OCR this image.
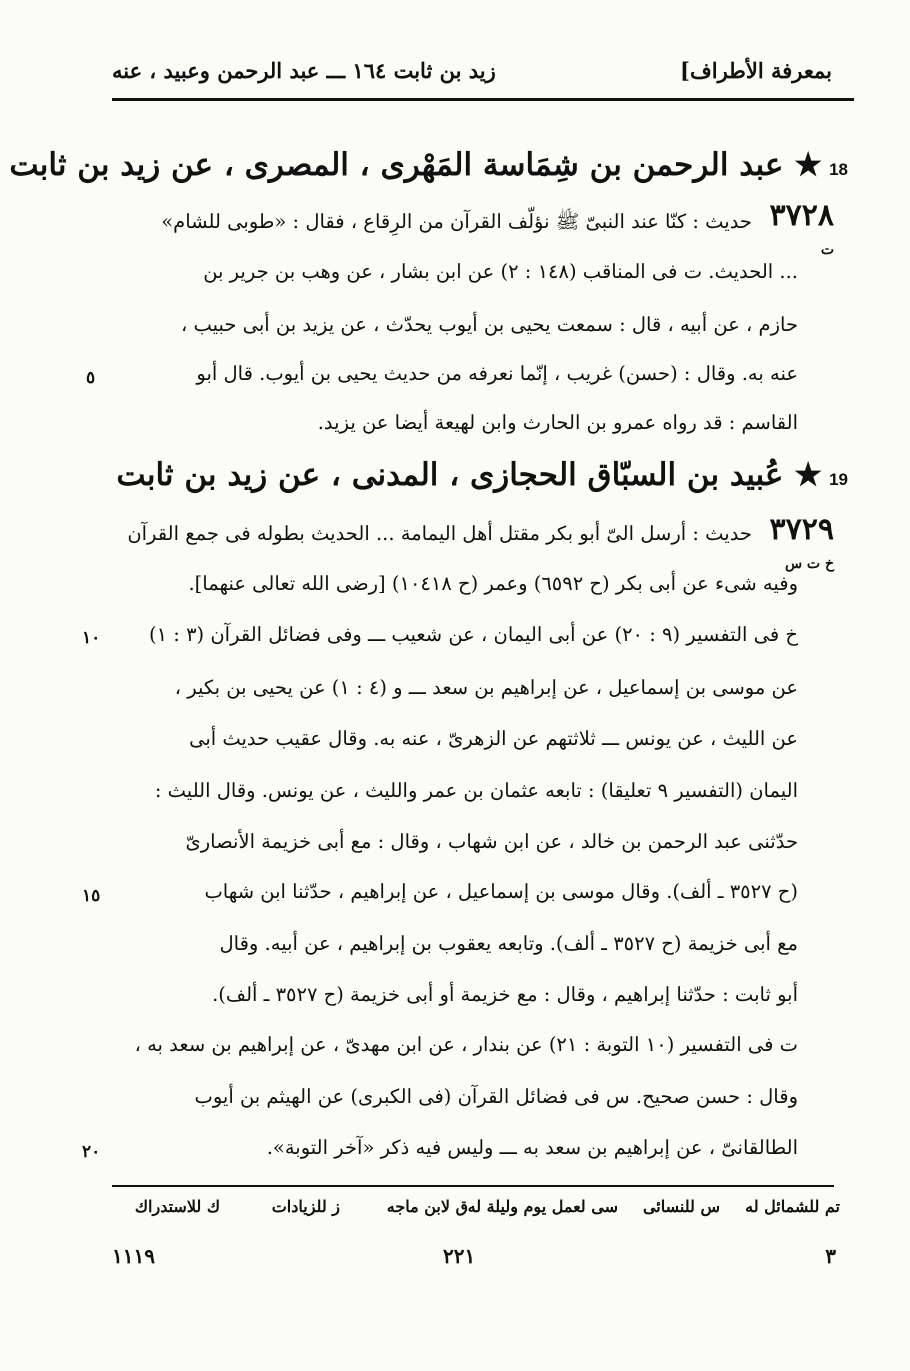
بمعرفة الأطراف]
زيد بن ثابت ١٦٤ ـــ عبد الرحمن وعبيد ، عنه
18
★ عبد الرحمن بن شِمَاسة المَهْرى ، المصرى ، عن زيد بن ثابت
٣٧٢٨
ت
حديث : كنّا عند النبىّ ﷺ نؤلّف القرآن من الرِقاع ، فقال : «طوبى للشام»
... الحديث. ت فى المناقب (١٤٨ : ٢) عن ابن بشار ، عن وهب بن جرير بن
حازم ، عن أبيه ، قال : سمعت يحيى بن أيوب يحدّث ، عن يزيد بن أبى حبيب ،
عنه به. وقال : (حسن) غريب ، إنّما نعرفه من حديث يحيى بن أيوب. قال أبو
٥
القاسم : قد رواه عمرو بن الحارث وابن لهيعة أيضا عن يزيد.
19
★ عُبيد بن السبّاق الحجازى ، المدنى ، عن زيد بن ثابت
٣٧٢٩
خ ت س
حديث : أرسل الىّ أبو بكر مقتل أهل اليمامة ... الحديث بطوله فى جمع القرآن
وفيه شىء عن أبى بكر (ح ٦٥٩٢) وعمر (ح ١٠٤١٨) [رضى الله تعالى عنهما].
خ فى التفسير (٩ : ٢٠) عن أبى اليمان ، عن شعيب ـــ وفى فضائل القرآن (٣ : ١)
١٠
عن موسى بن إسماعيل ، عن إبراهيم بن سعد ـــ و (٤ : ١) عن يحيى بن بكير ،
عن الليث ، عن يونس ـــ ثلاثتهم عن الزهرىّ ، عنه به. وقال عقيب حديث أبى
اليمان (التفسير ٩ تعليقا) : تابعه عثمان بن عمر والليث ، عن يونس. وقال الليث :
حدّثنى عبد الرحمن بن خالد ، عن ابن شهاب ، وقال : مع أبى خزيمة الأنصارىّ
(ح ٣٥٢٧ ـ ألف). وقال موسى بن إسماعيل ، عن إبراهيم ، حدّثنا ابن شهاب
١٥
مع أبى خزيمة (ح ٣٥٢٧ ـ ألف). وتابعه يعقوب بن إبراهيم ، عن أبيه. وقال
أبو ثابت : حدّثنا إبراهيم ، وقال : مع خزيمة أو أبى خزيمة (ح ٣٥٢٧ ـ ألف).
ت فى التفسير (١٠ التوبة : ٢١) عن بندار ، عن ابن مهدىّ ، عن إبراهيم بن سعد به ،
وقال : حسن صحيح. س فى فضائل القرآن (فى الكبرى) عن الهيثم بن أيوب
الطالقانىّ ، عن إبراهيم بن سعد به ـــ وليس فيه ذكر «آخر التوبة».
٢٠
تم للشمائل له
س للنسائى
سى لعمل يوم وليلة له
ق لابن ماجه
ز للزيادات
ك للاستدراك
٣
٢٢١
١١١٩
